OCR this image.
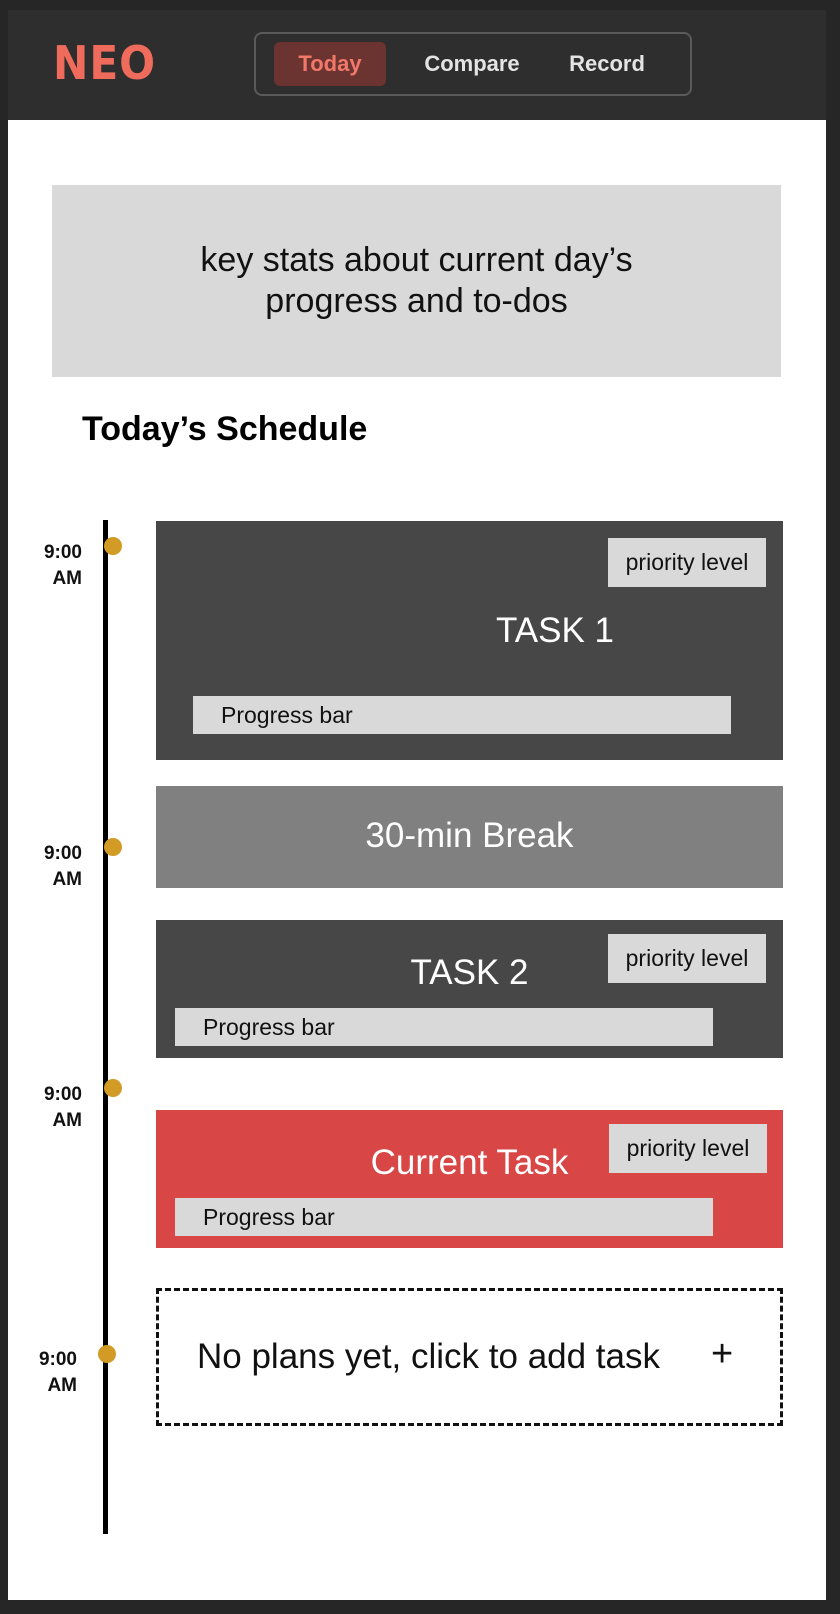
NEO	Today	Compare	Record
key stats about current day’s
progress and to-dos
Today’s Schedule
9:00
AM
9:00
AM
9:00
AM
9:00
AM
priority level
TASK 1
Progress bar
30-min Break
priority level
TASK 2
Progress bar
priority level
Current Task
Progress bar
No plans yet, click to add task +
